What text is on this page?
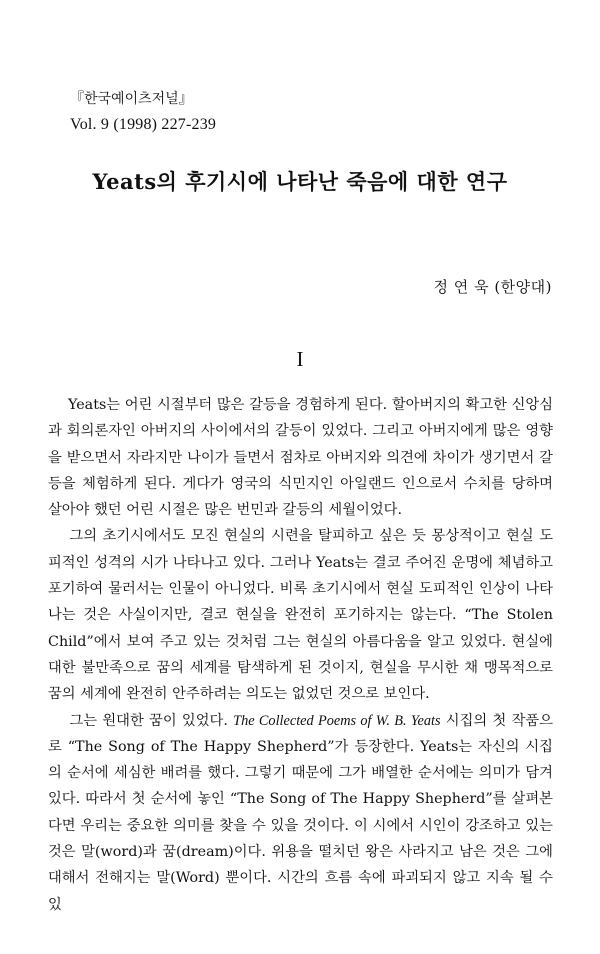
『한국예이츠저널』
Vol. 9 (1998) 227-239
Yeats의 후기시에 나타난 죽음에 대한 연구
정 연 욱 (한양대)
I

Yeats는 어린 시절부터 많은 갈등을 경험하게 된다. 할아버지의 확고한 신앙심과 회의론자인 아버지의 사이에서의 갈등이 있었다. 그리고 아버지에게 많은 영향을 받으면서 자라지만 나이가 들면서 점차로 아버지와 의견에 차이가 생기면서 갈등을 체험하게 된다. 게다가 영국의 식민지인 아일랜드 인으로서 수치를 당하며 살아야 했던 어린 시절은 많은 번민과 갈등의 세월이었다.

그의 초기시에서도 모진 현실의 시련을 탈피하고 싶은 듯 몽상적이고 현실 도피적인 성격의 시가 나타나고 있다. 그러나 Yeats는 결코 주어진 운명에 체념하고 포기하여 물러서는 인물이 아니었다. 비록 초기시에서 현실 도피적인 인상이 나타나는 것은 사실이지만, 결코 현실을 완전히 포기하지는 않는다. “The Stolen Child”에서 보여 주고 있는 것처럼 그는 현실의 아름다움을 알고 있었다. 현실에 대한 불만족으로 꿈의 세계를 탐색하게 된 것이지, 현실을 무시한 채 맹목적으로 꿈의 세계에 완전히 안주하려는 의도는 없었던 것으로 보인다.

그는 원대한 꿈이 있었다. The Collected Poems of W. B. Yeats 시집의 첫 작품으로 “The Song of The Happy Shepherd”가 등장한다. Yeats는 자신의 시집의 순서에 세심한 배려를 했다. 그렇기 때문에 그가 배열한 순서에는 의미가 담겨 있다. 따라서 첫 순서에 놓인 “The Song of The Happy Shepherd”를 살펴본다면 우리는 중요한 의미를 찾을 수 있을 것이다. 이 시에서 시인이 강조하고 있는 것은 말(word)과 꿈(dream)이다. 위용을 떨치던 왕은 사라지고 남은 것은 그에 대해서 전해지는 말(Word) 뿐이다. 시간의 흐름 속에 파괴되지 않고 지속 될 수 있
